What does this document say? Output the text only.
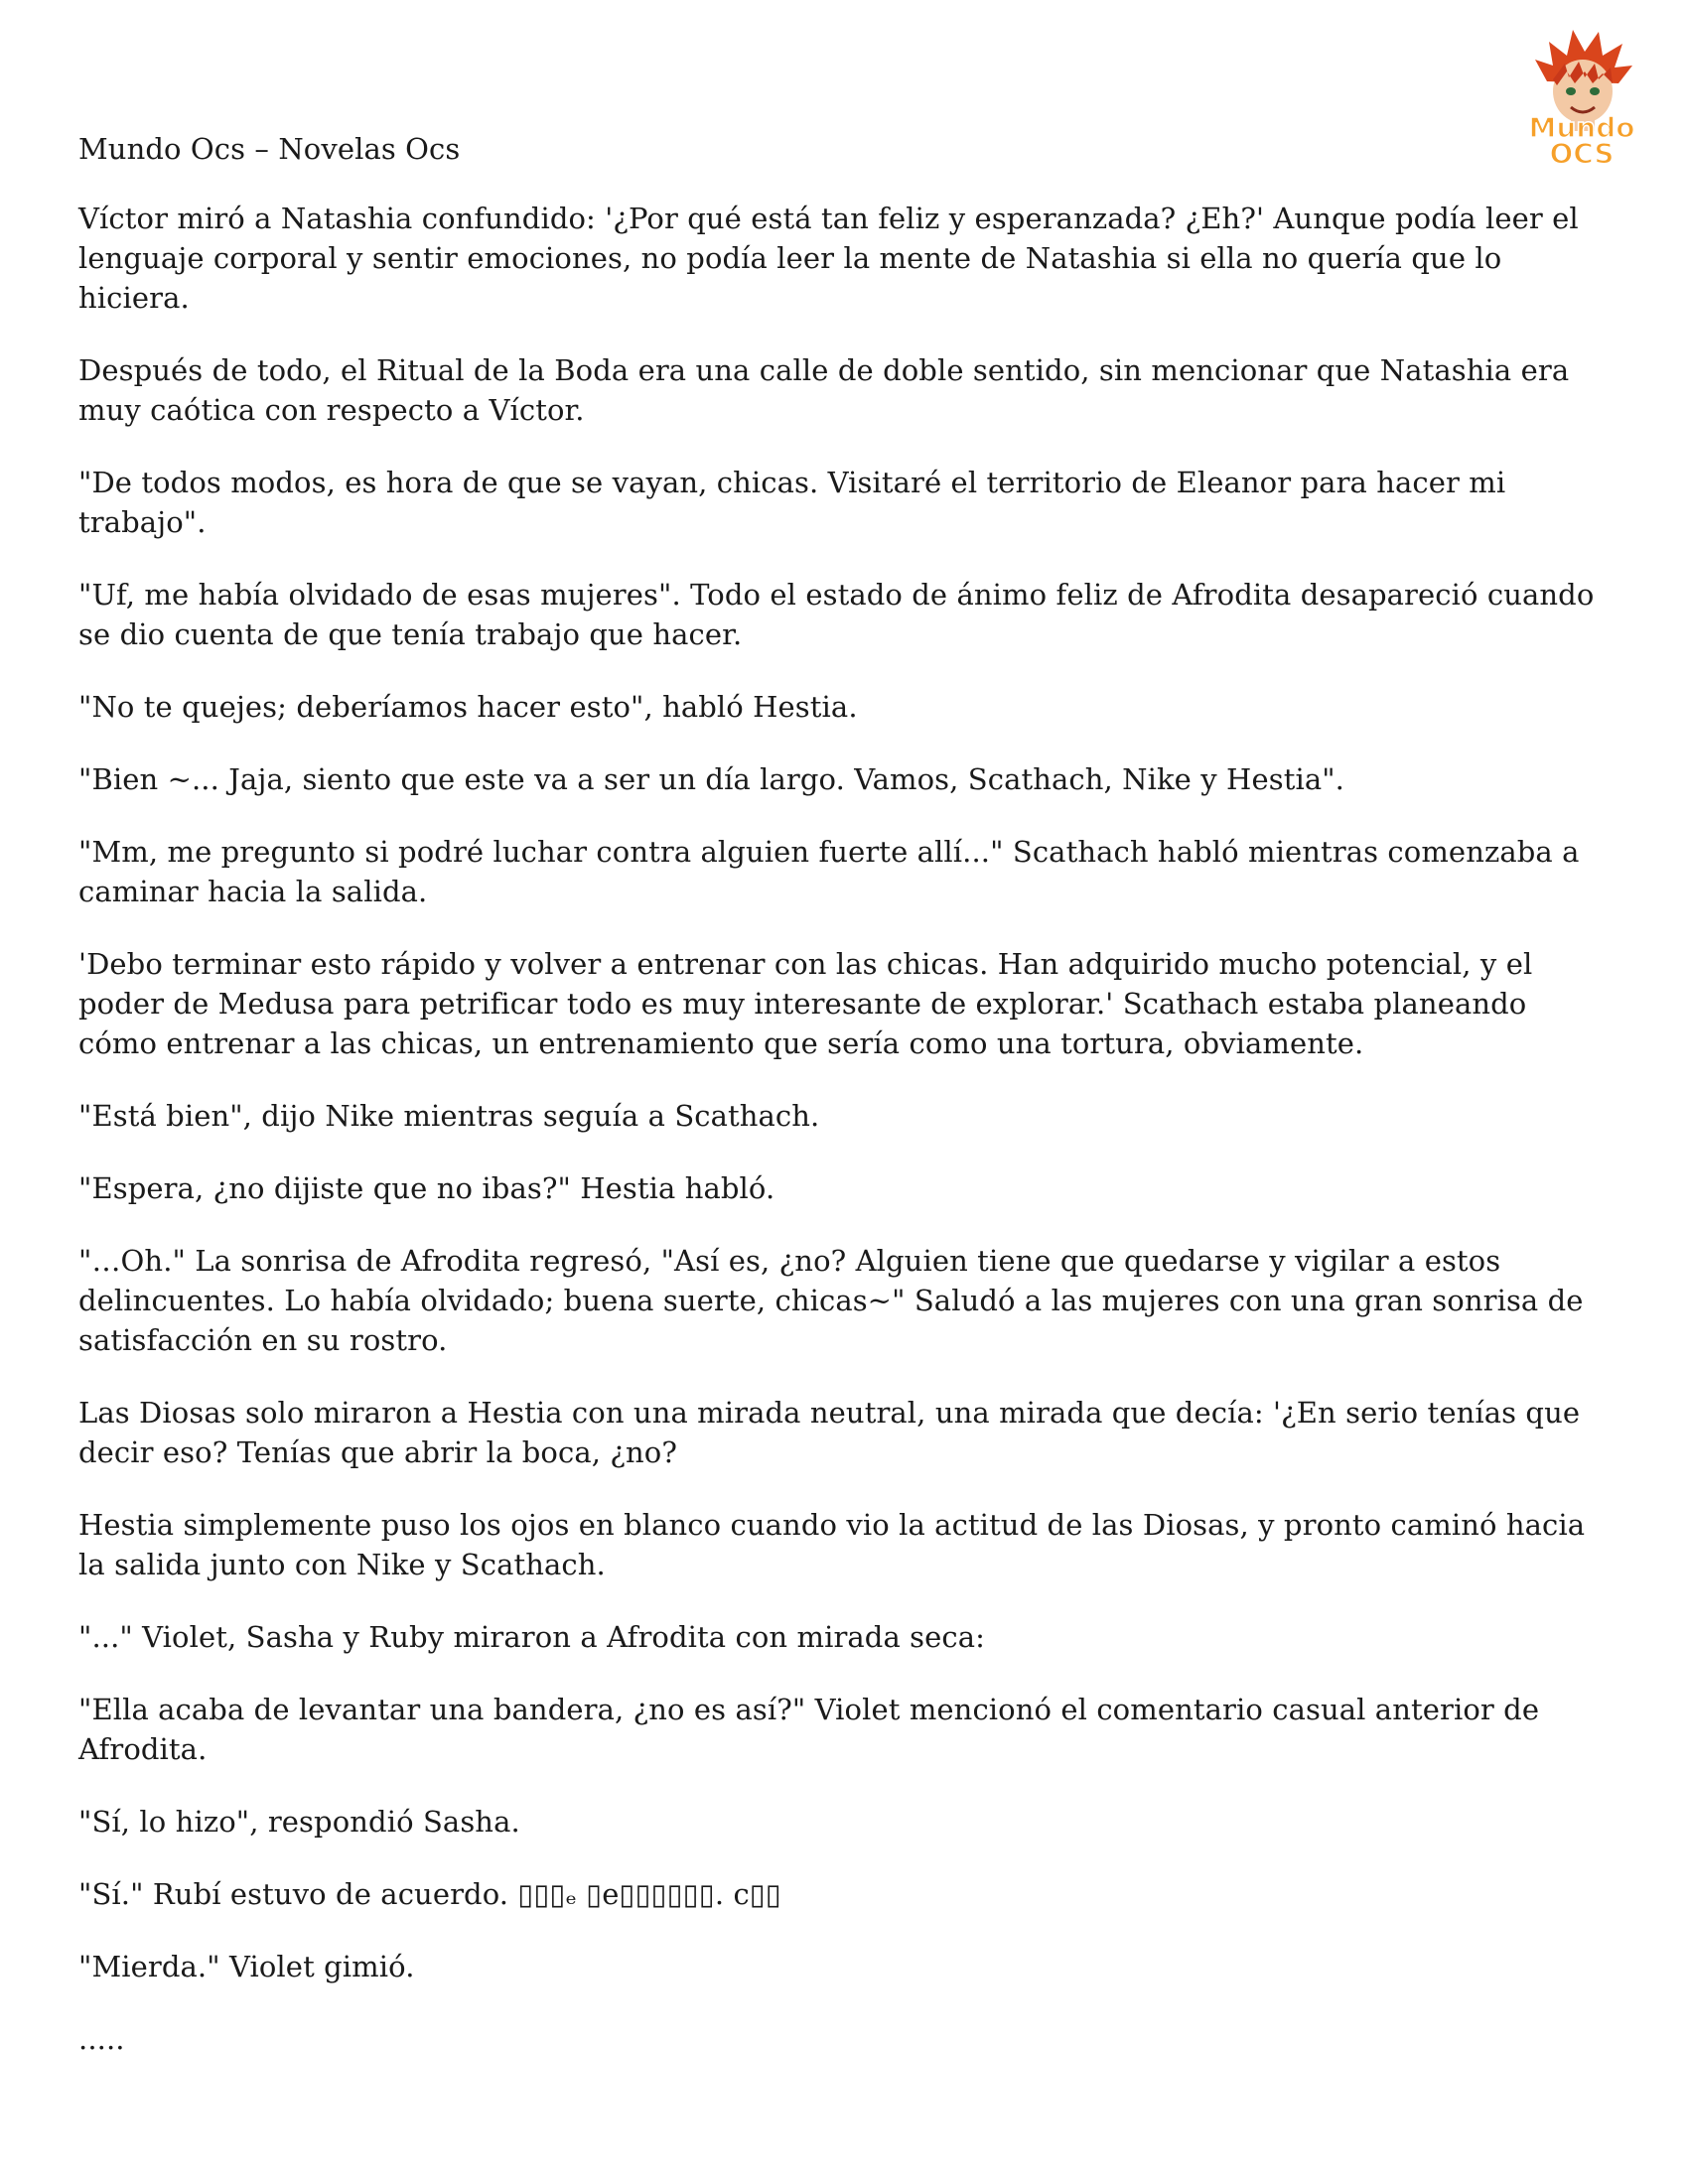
Mundo
OCS
Mundo Ocs – Novelas Ocs

Víctor miró a Natashia confundido: '¿Por qué está tan feliz y esperanzada? ¿Eh?' Aunque podía leer el lenguaje corporal y sentir emociones, no podía leer la mente de Natashia si ella no quería que lo hiciera.

Después de todo, el Ritual de la Boda era una calle de doble sentido, sin mencionar que Natashia era muy caótica con respecto a Víctor.

"De todos modos, es hora de que se vayan, chicas. Visitaré el territorio de Eleanor para hacer mi trabajo".

"Uf, me había olvidado de esas mujeres". Todo el estado de ánimo feliz de Afrodita desapareció cuando se dio cuenta de que tenía trabajo que hacer.

"No te quejes; deberíamos hacer esto", habló Hestia.

"Bien ~... Jaja, siento que este va a ser un día largo. Vamos, Scathach, Nike y Hestia".

"Mm, me pregunto si podré luchar contra alguien fuerte allí..." Scathach habló mientras comenzaba a caminar hacia la salida.

'Debo terminar esto rápido y volver a entrenar con las chicas. Han adquirido mucho potencial, y el poder de Medusa para petrificar todo es muy interesante de explorar.' Scathach estaba planeando cómo entrenar a las chicas, un entrenamiento que sería como una tortura, obviamente.

"Está bien", dijo Nike mientras seguía a Scathach.

"Espera, ¿no dijiste que no ibas?" Hestia habló.

"…Oh." La sonrisa de Afrodita regresó, "Así es, ¿no? Alguien tiene que quedarse y vigilar a estos delincuentes. Lo había olvidado; buena suerte, chicas~" Saludó a las mujeres con una gran sonrisa de satisfacción en su rostro.

Las Diosas solo miraron a Hestia con una mirada neutral, una mirada que decía: '¿En serio tenías que decir eso? Tenías que abrir la boca, ¿no?

Hestia simplemente puso los ojos en blanco cuando vio la actitud de las Diosas, y pronto caminó hacia la salida junto con Nike y Scathach.

"..." Violet, Sasha y Ruby miraron a Afrodita con mirada seca:

"Ella acaba de levantar una bandera, ¿no es así?" Violet mencionó el comentario casual anterior de Afrodita.

"Sí, lo hizo", respondió Sasha.

"Sí." Rubí estuvo de acuerdo. ▯▯▯ₑ ▯e▯▯▯▯▯▯. c▯▯

"Mierda." Violet gimió.

.....
